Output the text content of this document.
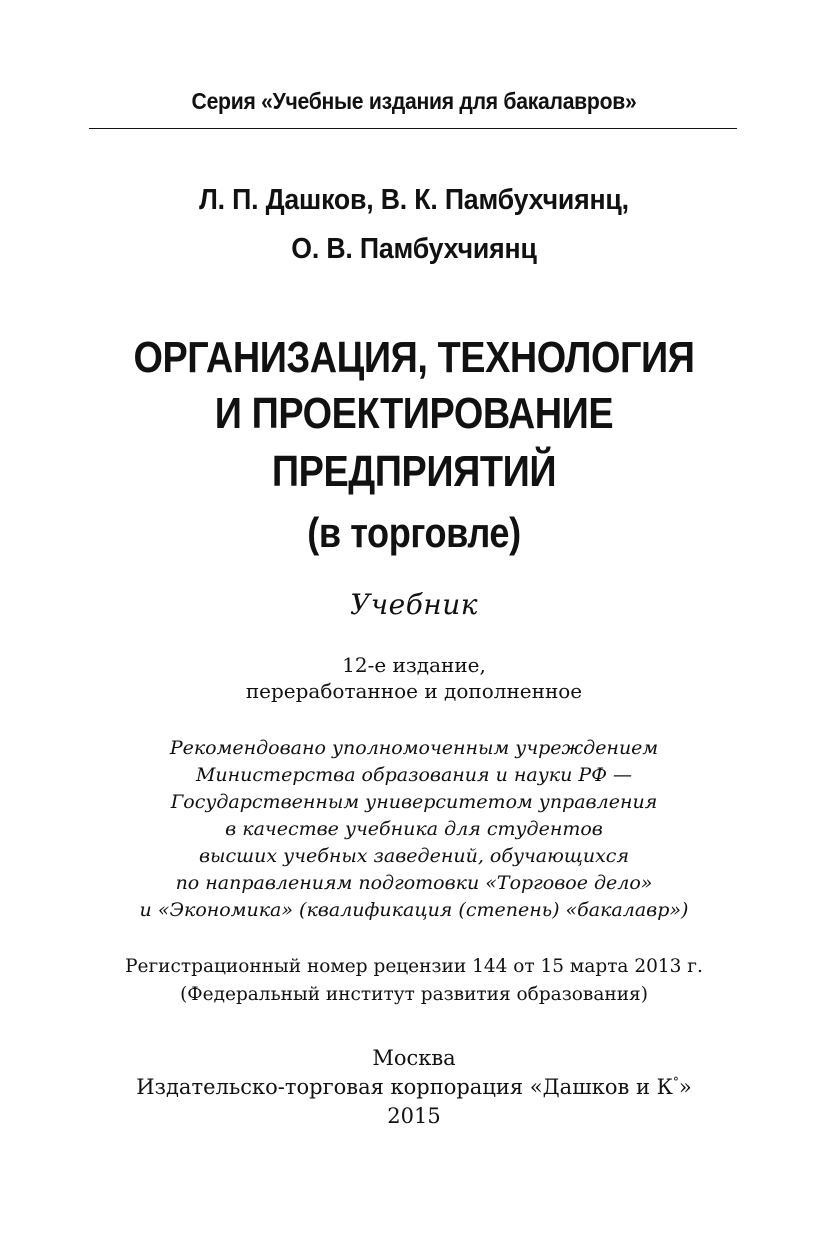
Серия «Учебные издания для бакалавров»
Л. П. Дашков, В. К. Памбухчиянц,
О. В. Памбухчиянц
ОРГАНИЗАЦИЯ, ТЕХНОЛОГИЯ
И ПРОЕКТИРОВАНИЕ
ПРЕДПРИЯТИЙ
(в торговле)
Учебник
12-е издание,
переработанное и дополненное
Рекомендовано уполномоченным учреждением
Министерства образования и науки РФ —
Государственным университетом управления
в качестве учебника для студентов
высших учебных заведений, обучающихся
по направлениям подготовки «Торговое дело»
и «Экономика» (квалификация (степень) «бакалавр»)
Регистрационный номер рецензии 144 от 15 марта 2013 г.
(Федеральный институт развития образования)
Москва
Издательско-торговая корпорация «Дашков и К°»
2015
